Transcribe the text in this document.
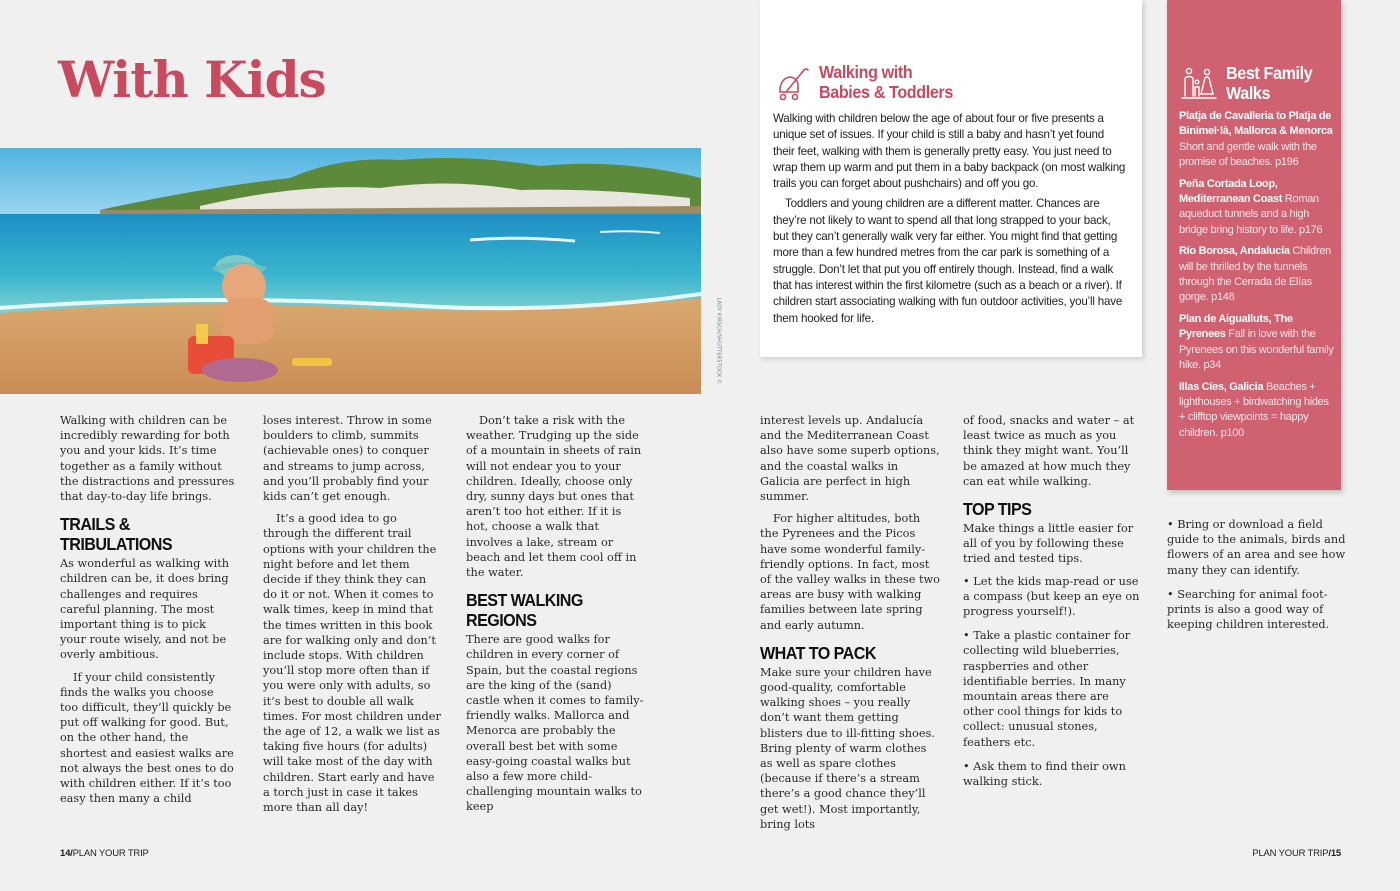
With Kids
LADY KIRSCH/SHUTTERSTOCK ©

Walking with children can be incredibly rewarding for both you and your kids. It’s time together as a family without the distractions and pressures that day-to-day life brings.

TRAILS & TRIBULATIONS

As wonderful as walking with children can be, it does bring challenges and requires careful planning. The most important thing is to pick your route wisely, and not be overly ambitious.

If your child consistently finds the walks you choose too difficult, they’ll quickly be put off walking for good. But, on the other hand, the shortest and easiest walks are not always the best ones to do with children either. If it’s too easy then many a child

loses interest. Throw in some boulders to climb, summits (achievable ones) to conquer and streams to jump across, and you’ll probably find your kids can’t get enough.

It’s a good idea to go through the different trail options with your children the night before and let them decide if they think they can do it or not. When it comes to walk times, keep in mind that the times written in this book are for walking only and don’t include stops. With children you’ll stop more often than if you were only with adults, so it’s best to double all walk times. For most children under the age of 12, a walk we list as taking five hours (for adults) will take most of the day with children. Start early and have a torch just in case it takes more than all day!

Don’t take a risk with the weather. Trudging up the side of a mountain in sheets of rain will not endear you to your children. Ideally, choose only dry, sunny days but ones that aren’t too hot either. If it is hot, choose a walk that involves a lake, stream or beach and let them cool off in the water.

BEST WALKING REGIONS

There are good walks for children in every corner of Spain, but the coastal regions are the king of the (sand) castle when it comes to family-friendly walks. Mallorca and Menorca are probably the overall best bet with some easy-going coastal walks but also a few more child-challenging mountain walks to keep

interest levels up. Andalucía and the Mediterranean Coast also have some superb options, and the coastal walks in Galicia are perfect in high summer.

For higher altitudes, both the Pyrenees and the Picos have some wonderful family-friendly options. In fact, most of the valley walks in these two areas are busy with walking families between late spring and early autumn.

WHAT TO PACK

Make sure your children have good-quality, comfortable walking shoes – you really don’t want them getting blisters due to ill-fitting shoes. Bring plenty of warm clothes as well as spare clothes (because if there’s a stream there’s a good chance they’ll get wet!). Most importantly, bring lots

of food, snacks and water – at least twice as much as you think they might want. You’ll be amazed at how much they can eat while walking.

TOP TIPS

Make things a little easier for all of you by following these tried and tested tips.

• Let the kids map-read or use a compass (but keep an eye on progress yourself!).

• Take a plastic container for collecting wild blueberries, raspberries and other identifiable berries. In many mountain areas there are other cool things for kids to collect: unusual stones, feathers etc.

• Ask them to find their own walking stick.

• Bring or download a field guide to the animals, birds and flowers of an area and see how many they can identify.

• Searching for animal foot-prints is also a good way of keeping children interested.

Walking with
Babies & Toddlers

Walking with children below the age of about four or five presents a unique set of issues. If your child is still a baby and hasn’t yet found their feet, walking with them is generally pretty easy. You just need to wrap them up warm and put them in a baby backpack (on most walking trails you can forget about pushchairs) and off you go.

Toddlers and young children are a different matter. Chances are they’re not likely to want to spend all that long strapped to your back, but they can’t generally walk very far either. You might find that getting more than a few hundred metres from the car park is something of a struggle. Don’t let that put you off entirely though. Instead, find a walk that has interest within the first kilometre (such as a beach or a river). If children start associating walking with fun outdoor activities, you’ll have them hooked for life.

Best Family
Walks
Platja de Cavalleria to Platja de Binimel·là, Mallorca & Menorca Short and gentle walk with the promise of beaches. p196
Peña Cortada Loop, Mediterranean Coast Roman aqueduct tunnels and a high bridge bring history to life. p176
Río Borosa, Andalucía Children will be thrilled by the tunnels through the Cerrada de Elías gorge. p148
Plan de Aigualluts, The Pyrenees Fall in love with the Pyrenees on this wonderful family hike. p34
Illas Cíes, Galicia Beaches + lighthouses + birdwatching hides + clifftop viewpoints = happy children. p100
14/PLAN YOUR TRIP	PLAN YOUR TRIP/15
